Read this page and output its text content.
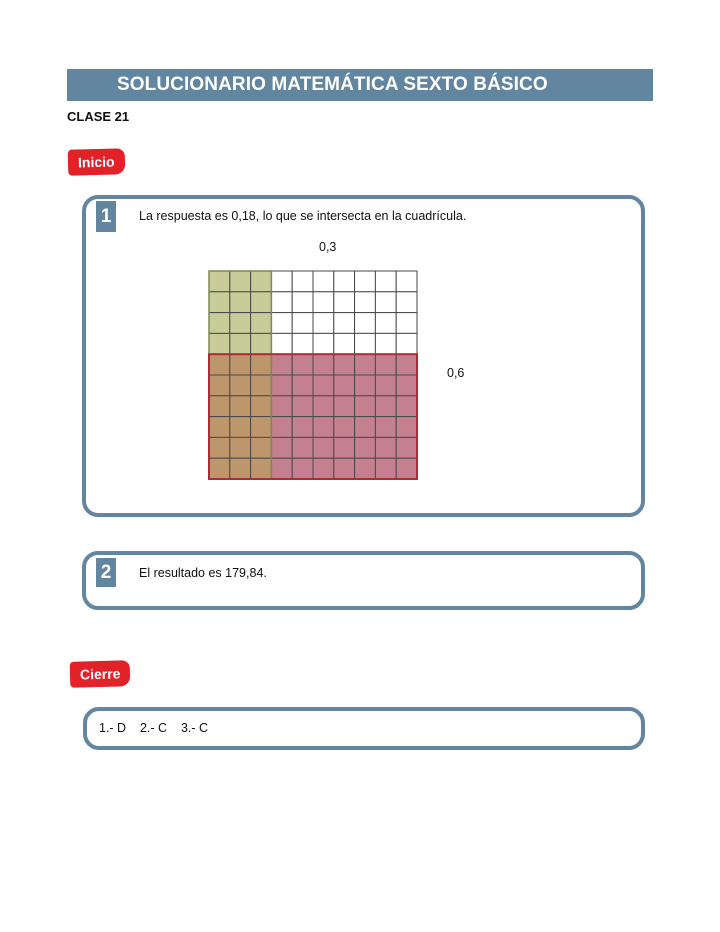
SOLUCIONARIO MATEMÁTICA SEXTO BÁSICO
CLASE 21
Inicio
1	La respuesta es 0,18, lo que se intersecta en la cuadrícula.
0,3
0,6
2	El resultado es 179,84.
Cierre
1.- D    2.- C    3.- C
